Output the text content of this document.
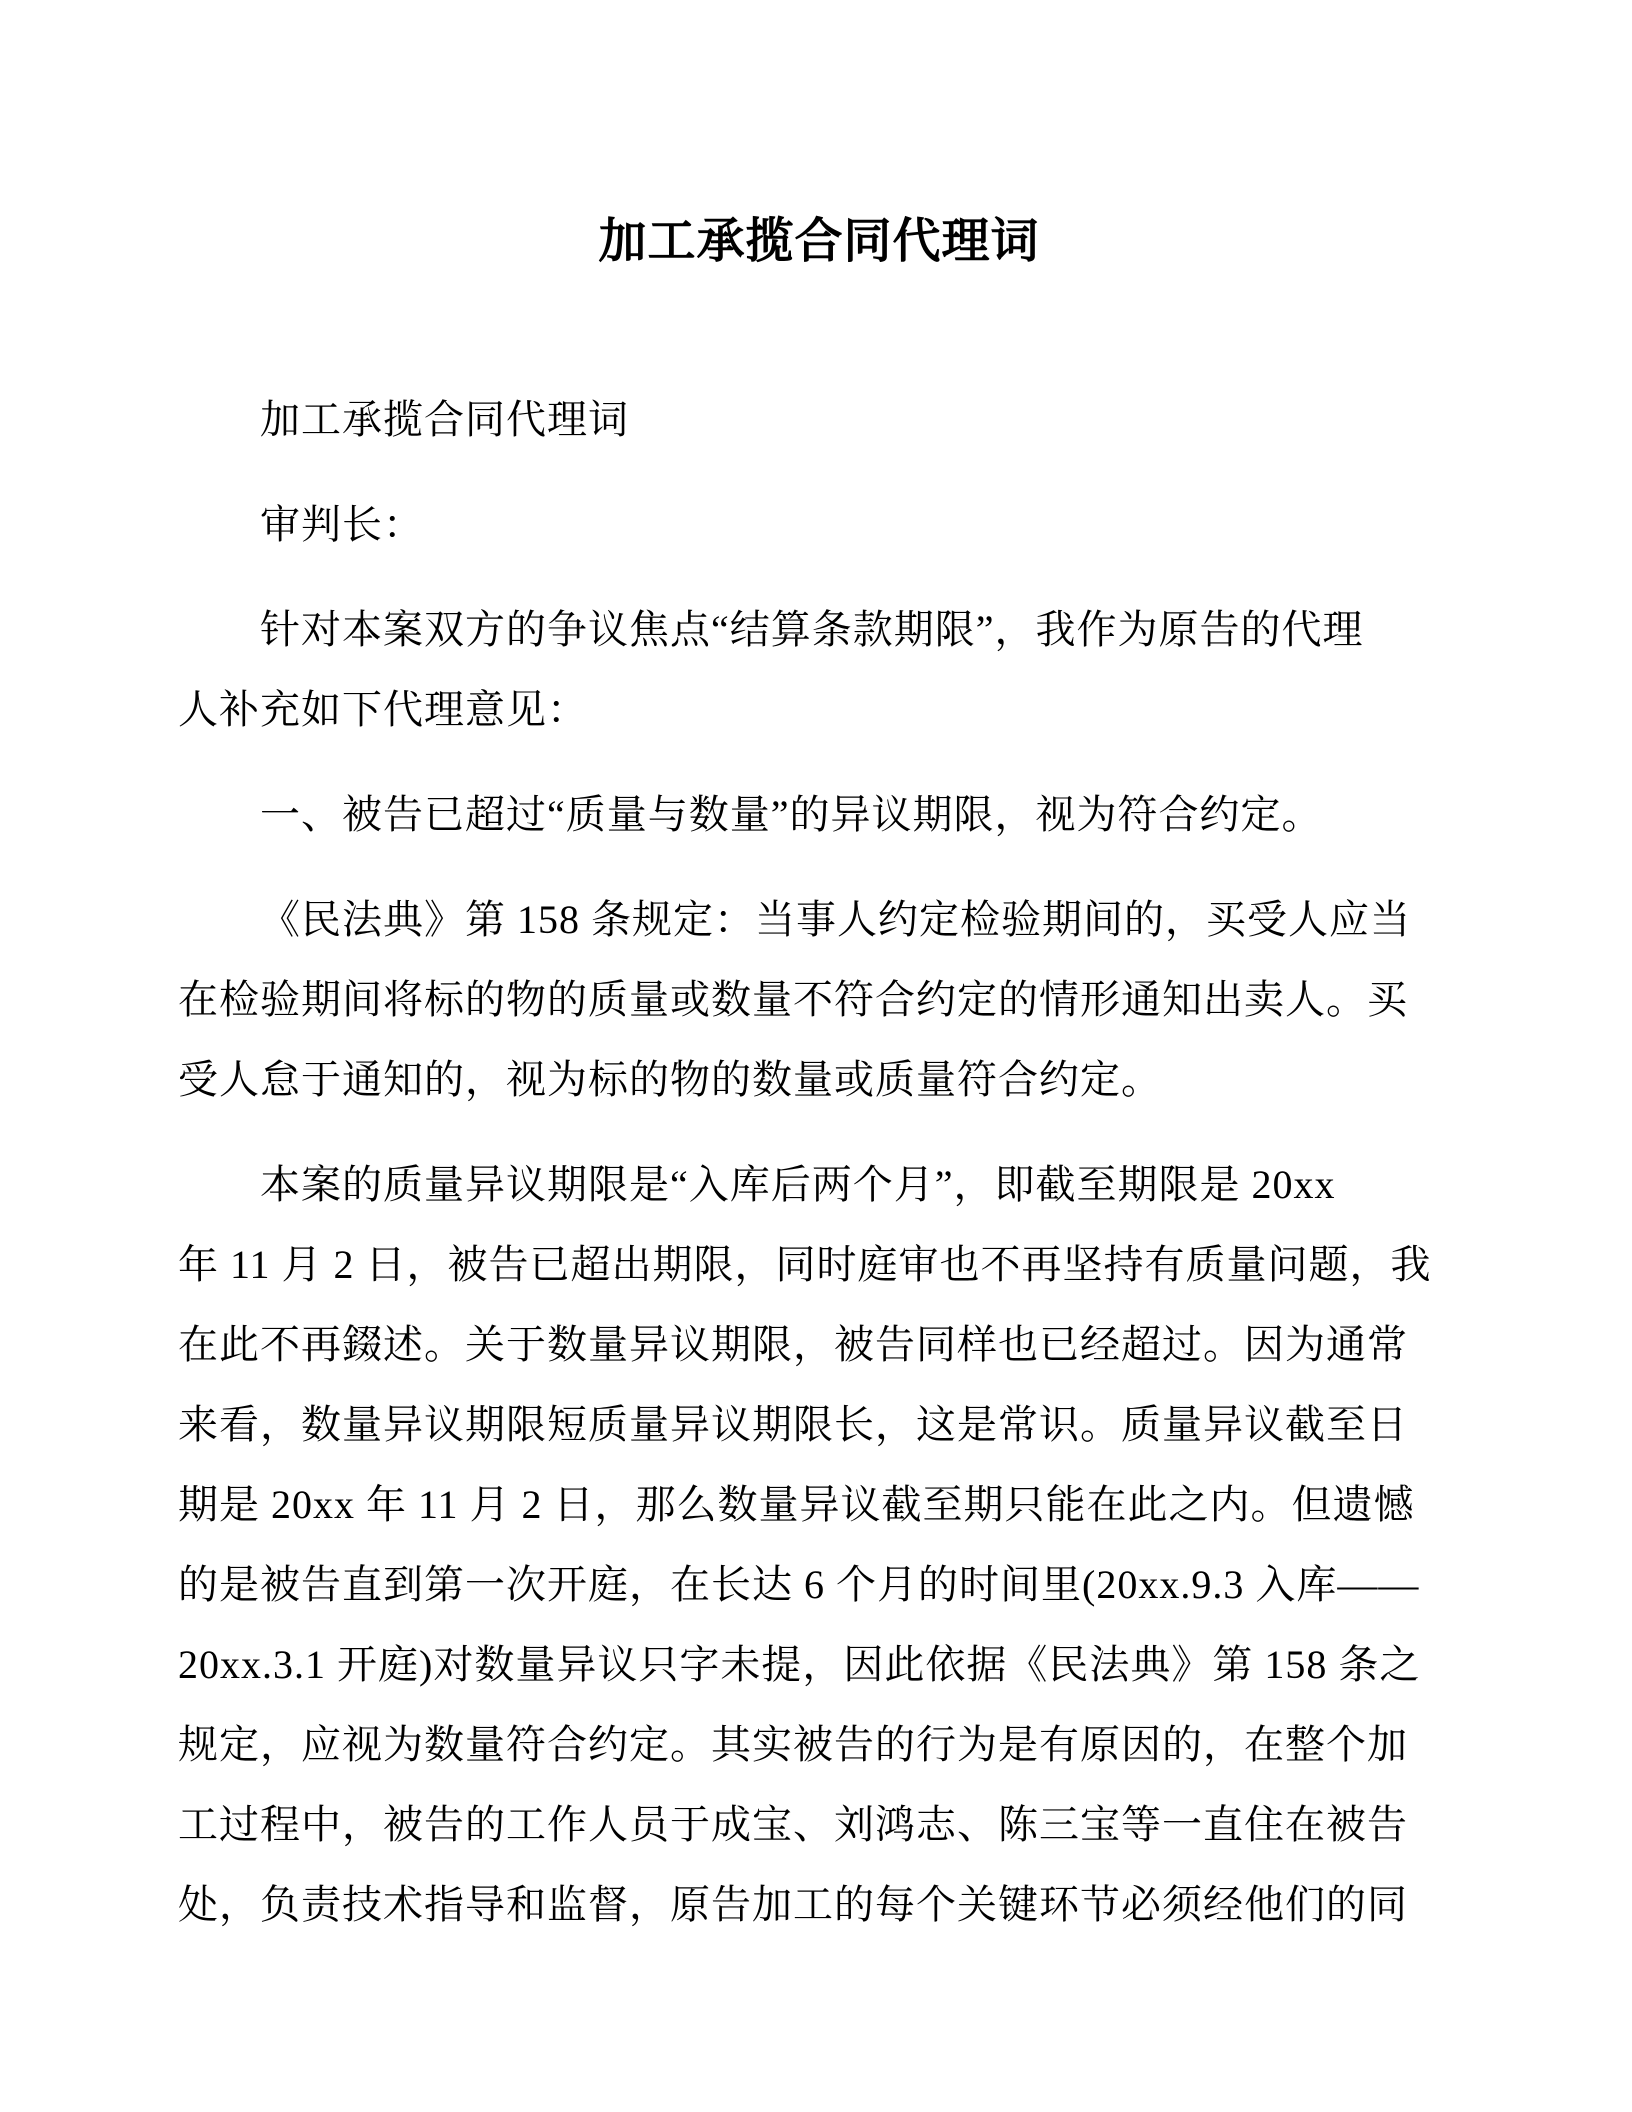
加工承揽合同代理词
加工承揽合同代理词
审判长：
针对本案双方的争议焦点“结算条款期限”，我作为原告的代理
人补充如下代理意见：
一、被告已超过“质量与数量”的异议期限，视为符合约定。
《民法典》第 158 条规定：当事人约定检验期间的，买受人应当
在检验期间将标的物的质量或数量不符合约定的情形通知出卖人。买
受人怠于通知的，视为标的物的数量或质量符合约定。
本案的质量异议期限是“入库后两个月”，即截至期限是 20xx
年 11 月 2 日，被告已超出期限，同时庭审也不再坚持有质量问题，我
在此不再錣述。关于数量异议期限，被告同样也已经超过。因为通常
来看，数量异议期限短质量异议期限长，这是常识。质量异议截至日
期是 20xx 年 11 月 2 日，那么数量异议截至期只能在此之内。但遗憾
的是被告直到第一次开庭，在长达 6 个月的时间里(20xx.9.3 入库——
20xx.3.1 开庭)对数量异议只字未提，因此依据《民法典》第 158 条之
规定，应视为数量符合约定。其实被告的行为是有原因的，在整个加
工过程中，被告的工作人员于成宝、刘鸿志、陈三宝等一直住在被告
处，负责技术指导和监督，原告加工的每个关键环节必须经他们的同
